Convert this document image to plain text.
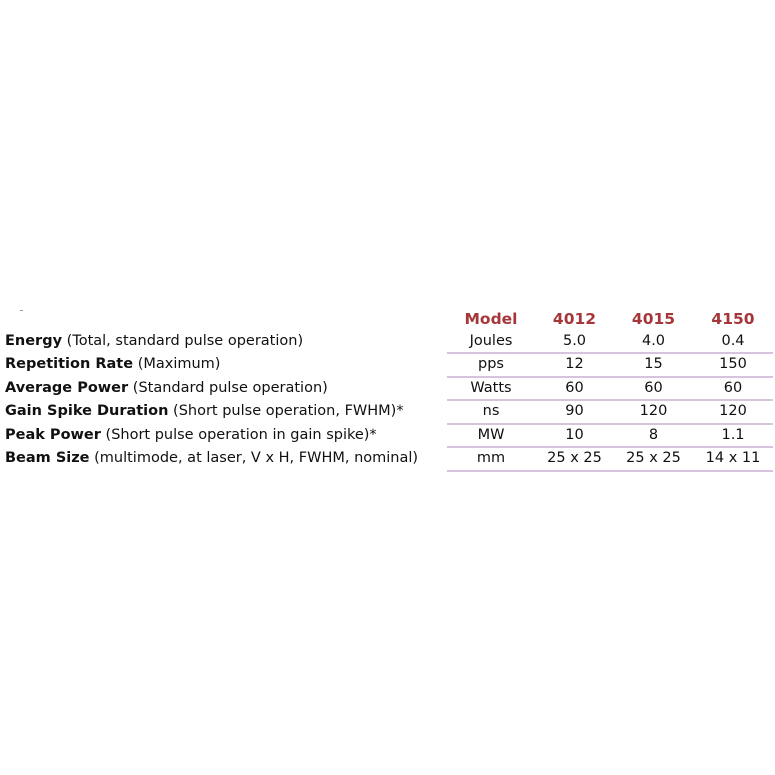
	Model	4012	4015	4150
Energy (Total, standard pulse operation)	Joules	5.0	4.0	0.4
Repetition Rate (Maximum)	pps	12	15	150
Average Power (Standard pulse operation)	Watts	60	60	60
Gain Spike Duration (Short pulse operation, FWHM)*	ns	90	120	120
Peak Power (Short pulse operation in gain spike)*	MW	10	8	1.1
Beam Size (multimode, at laser, V x H, FWHM, nominal)	mm	25 x 25	25 x 25	14 x 11
